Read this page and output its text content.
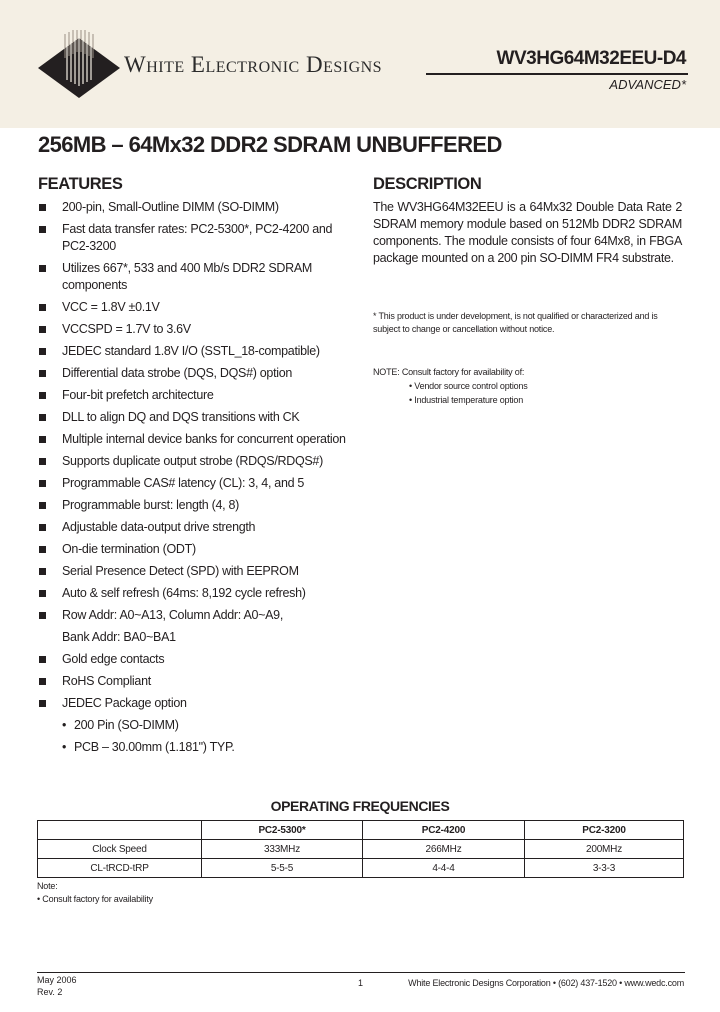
White Electronic Designs	WV3HG64M32EEU-D4
ADVANCED*
256MB – 64Mx32 DDR2 SDRAM UNBUFFERED
FEATURES	DESCRIPTION
200-pin, Small-Outline DIMM (SO-DIMM)
Fast data transfer rates: PC2-5300*, PC2-4200 and PC2-3200
Utilizes 667*, 533 and 400 Mb/s DDR2 SDRAM components
VCC = 1.8V ±0.1V
VCCSPD = 1.7V to 3.6V
JEDEC standard 1.8V I/O (SSTL_18-compatible)
Differential data strobe (DQS, DQS#) option
Four-bit prefetch architecture
DLL to align DQ and DQS transitions with CK
Multiple internal device banks for concurrent operation
Supports duplicate output strobe (RDQS/RDQS#)
Programmable CAS# latency (CL): 3, 4, and 5
Programmable burst: length (4, 8)
Adjustable data-output drive strength
On-die termination (ODT)
Serial Presence Detect (SPD) with EEPROM
Auto & self refresh (64ms: 8,192 cycle refresh)
Row Addr: A0~A13, Column Addr: A0~A9,
Bank Addr: BA0~BA1
Gold edge contacts
RoHS Compliant
JEDEC Package option
• 200 Pin (SO-DIMM)
• PCB – 30.00mm (1.181") TYP.
The WV3HG64M32EEU is a 64Mx32 Double Data Rate 2 SDRAM memory module based on 512Mb DDR2 SDRAM components. The module consists of four 64Mx8, in FBGA package mounted on a 200 pin SO-DIMM FR4 substrate.
* This product is under development, is not qualified or characterized and is subject to change or cancellation without notice.
NOTE: Consult factory for availability of:
• Vendor source control options
• Industrial temperature option
OPERATING FREQUENCIES
	PC2-5300*	PC2-4200	PC2-3200
Clock Speed	333MHz	266MHz	200MHz
CL-tRCD-tRP	5-5-5	4-4-4	3-3-3
Note:
• Consult factory for availability
May 2006
Rev. 2
1	White Electronic Designs Corporation • (602) 437-1520 • www.wedc.com
